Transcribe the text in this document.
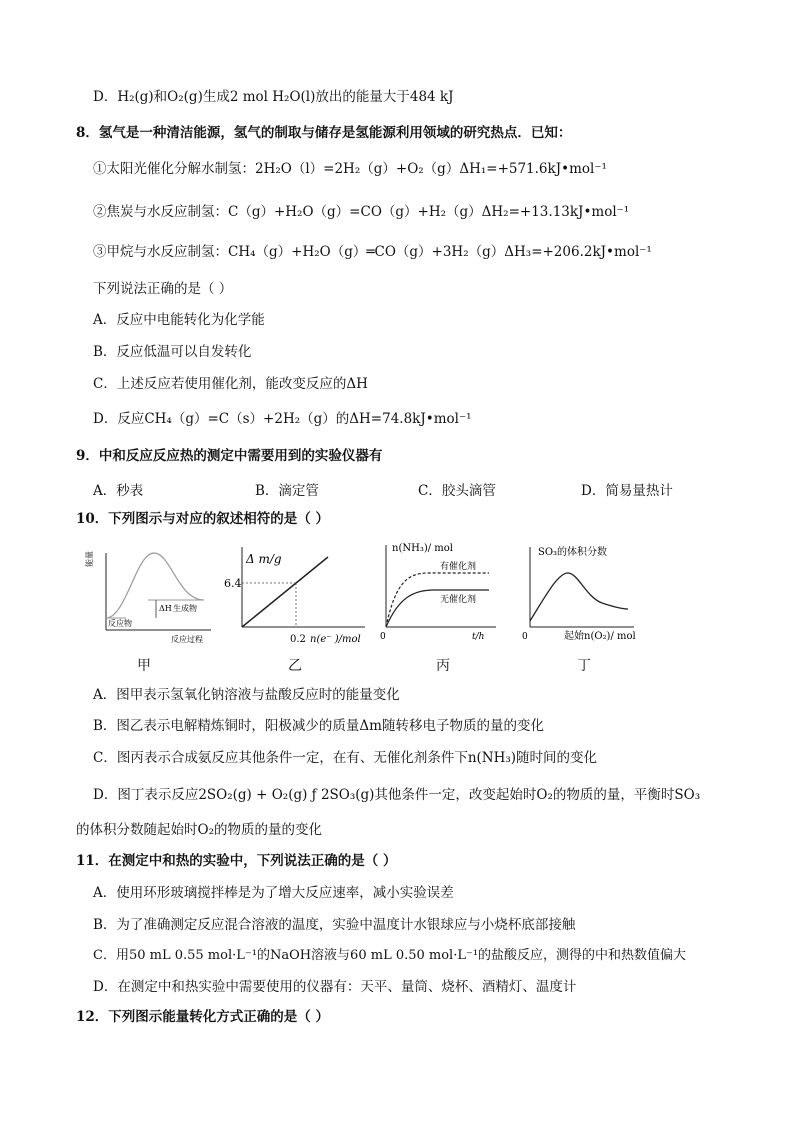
D．H₂(g)和O₂(g)生成2 mol H₂O(l)放出的能量大于484 kJ
8．氢气是一种清洁能源，氢气的制取与储存是氢能源利用领域的研究热点．已知：
①太阳光催化分解水制氢：2H₂O（l）=2H₂（g）+O₂（g）ΔH₁=+571.6kJ•mol⁻¹
②焦炭与水反应制氢：C（g）+H₂O（g）=CO（g）+H₂（g）ΔH₂=+13.13kJ•mol⁻¹
③甲烷与水反应制氢：CH₄（g）+H₂O（g）═CO（g）+3H₂（g）ΔH₃=+206.2kJ•mol⁻¹
下列说法正确的是（ ）
A．反应中电能转化为化学能
B．反应低温可以自发转化
C．上述反应若使用催化剂，能改变反应的ΔH
D．反应CH₄（g）=C（s）+2H₂（g）的ΔH=74.8kJ•mol⁻¹
9．中和反应反应热的测定中需要用到的实验仪器有
A．秒表	B．滴定管	C．胶头滴管	D．简易量热计
10．下列图示与对应的叙述相符的是（ ）
能量
ΔH 生成物
反应物
反应过程
Δ m/g
6.4
0.2 n(e⁻ )/mol
n(NH₃)/ mol
有催化剂
无催化剂
0	t/h
SO₃的体积分数
0	起始n(O₂)/ mol
甲	乙	丙	丁
A．图甲表示氢氧化钠溶液与盐酸反应时的能量变化
B．图乙表示电解精炼铜时，阳极减少的质量Δm随转移电子物质的量的变化
C．图丙表示合成氨反应其他条件一定，在有、无催化剂条件下n(NH₃)随时间的变化
D．图丁表示反应2SO₂(g) + O₂(g) ƒ 2SO₃(g)其他条件一定，改变起始时O₂的物质的量，平衡时SO₃
的体积分数随起始时O₂的物质的量的变化
11．在测定中和热的实验中，下列说法正确的是（ ）
A．使用环形玻璃搅拌棒是为了增大反应速率，减小实验误差
B．为了准确测定反应混合溶液的温度，实验中温度计水银球应与小烧杯底部接触
C．用50 mL 0.55 mol·L⁻¹的NaOH溶液与60 mL 0.50 mol·L⁻¹的盐酸反应，测得的中和热数值偏大
D．在测定中和热实验中需要使用的仪器有：天平、量筒、烧杯、酒精灯、温度计
12．下列图示能量转化方式正确的是（ ）
